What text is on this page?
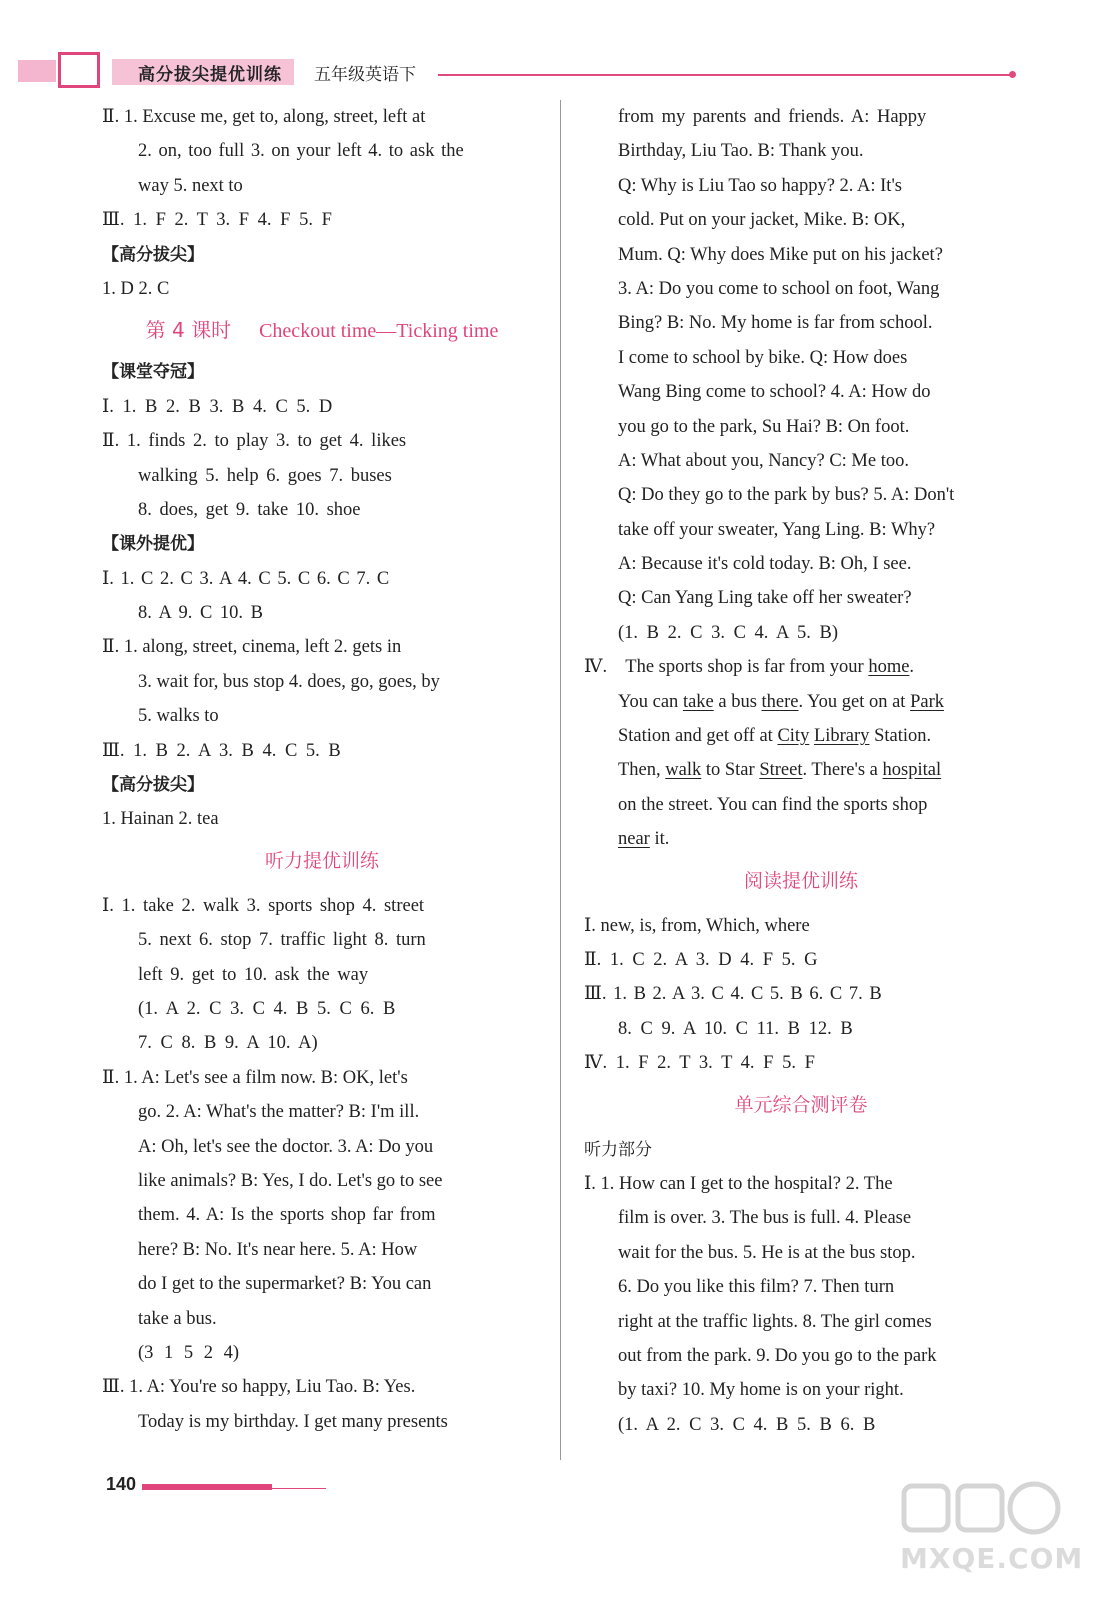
高分拔尖提优训练 五年级英语下
Ⅱ. 1. Excuse me, get to, along, street, left at
2. on, too full 3. on your left 4. to ask the
way 5. next to
Ⅲ. 1. F 2. T 3. F 4. F 5. F
【高分拔尖】
1. D 2. C
第 4 课时 Checkout time—Ticking time
【课堂夺冠】
Ⅰ. 1. B 2. B 3. B 4. C 5. D
Ⅱ. 1. finds 2. to play 3. to get 4. likes
walking 5. help 6. goes 7. buses
8. does, get 9. take 10. shoe
【课外提优】
Ⅰ. 1. C 2. C 3. A 4. C 5. C 6. C 7. C
8. A 9. C 10. B
Ⅱ. 1. along, street, cinema, left 2. gets in
3. wait for, bus stop 4. does, go, goes, by
5. walks to
Ⅲ. 1. B 2. A 3. B 4. C 5. B
【高分拔尖】
1. Hainan 2. tea
听力提优训练
Ⅰ. 1. take 2. walk 3. sports shop 4. street
5. next 6. stop 7. traffic light 8. turn
left 9. get to 10. ask the way
(1. A 2. C 3. C 4. B 5. C 6. B
7. C 8. B 9. A 10. A)
Ⅱ. 1. A: Let's see a film now. B: OK, let's
go. 2. A: What's the matter? B: I'm ill.
A: Oh, let's see the doctor. 3. A: Do you
like animals? B: Yes, I do. Let's go to see
them. 4. A: Is the sports shop far from
here? B: No. It's near here. 5. A: How
do I get to the supermarket? B: You can
take a bus.
(3 1 5 2 4)
Ⅲ. 1. A: You're so happy, Liu Tao. B: Yes.
Today is my birthday. I get many presents
from my parents and friends. A: Happy
Birthday, Liu Tao. B: Thank you.
Q: Why is Liu Tao so happy? 2. A: It's
cold. Put on your jacket, Mike. B: OK,
Mum. Q: Why does Mike put on his jacket?
3. A: Do you come to school on foot, Wang
Bing? B: No. My home is far from school.
I come to school by bike. Q: How does
Wang Bing come to school? 4. A: How do
you go to the park, Su Hai? B: On foot.
A: What about you, Nancy? C: Me too.
Q: Do they go to the park by bus? 5. A: Don't
take off your sweater, Yang Ling. B: Why?
A: Because it's cold today. B: Oh, I see.
Q: Can Yang Ling take off her sweater?
(1. B 2. C 3. C 4. A 5. B)
Ⅳ.    The sports shop is far from your home.
You can take a bus there. You get on at Park
Station and get off at City Library Station.
Then, walk to Star Street. There's a hospital
on the street. You can find the sports shop
near it.
阅读提优训练
Ⅰ. new, is, from, Which, where
Ⅱ. 1. C 2. A 3. D 4. F 5. G
Ⅲ. 1. B 2. A 3. C 4. C 5. B 6. C 7. B
8. C 9. A 10. C 11. B 12. B
Ⅳ. 1. F 2. T 3. T 4. F 5. F
单元综合测评卷
听力部分
Ⅰ. 1. How can I get to the hospital? 2. The
film is over. 3. The bus is full. 4. Please
wait for the bus. 5. He is at the bus stop.
6. Do you like this film? 7. Then turn
right at the traffic lights. 8. The girl comes
out from the park. 9. Do you go to the park
by taxi? 10. My home is on your right.
(1. A 2. C 3. C 4. B 5. B 6. B
140
MXQE.COM
